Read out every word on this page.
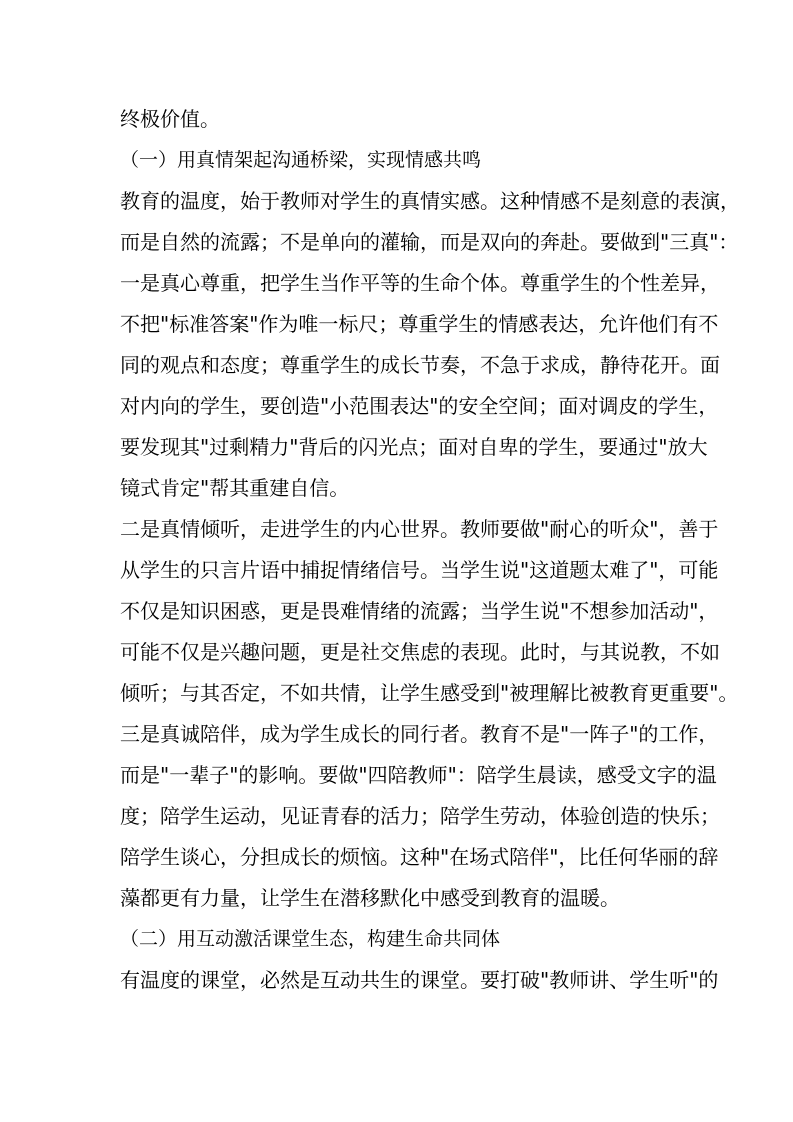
终极价值。
（一）用真情架起沟通桥梁，实现情感共鸣
教育的温度，始于教师对学生的真情实感。这种情感不是刻意的表演，
而是自然的流露；不是单向的灌输，而是双向的奔赴。要做到"三真"：
一是真心尊重，把学生当作平等的生命个体。尊重学生的个性差异，
不把"标准答案"作为唯一标尺；尊重学生的情感表达，允许他们有不
同的观点和态度；尊重学生的成长节奏，不急于求成，静待花开。面
对内向的学生，要创造"小范围表达"的安全空间；面对调皮的学生，
要发现其"过剩精力"背后的闪光点；面对自卑的学生，要通过"放大
镜式肯定"帮其重建自信。
二是真情倾听，走进学生的内心世界。教师要做"耐心的听众"，善于
从学生的只言片语中捕捉情绪信号。当学生说"这道题太难了"，可能
不仅是知识困惑，更是畏难情绪的流露；当学生说"不想参加活动"，
可能不仅是兴趣问题，更是社交焦虑的表现。此时，与其说教，不如
倾听；与其否定，不如共情，让学生感受到"被理解比被教育更重要"。
三是真诚陪伴，成为学生成长的同行者。教育不是"一阵子"的工作，
而是"一辈子"的影响。要做"四陪教师"：陪学生晨读，感受文字的温
度；陪学生运动，见证青春的活力；陪学生劳动，体验创造的快乐；
陪学生谈心，分担成长的烦恼。这种"在场式陪伴"，比任何华丽的辞
藻都更有力量，让学生在潜移默化中感受到教育的温暖。
（二）用互动激活课堂生态，构建生命共同体
有温度的课堂，必然是互动共生的课堂。要打破"教师讲、学生听"的
